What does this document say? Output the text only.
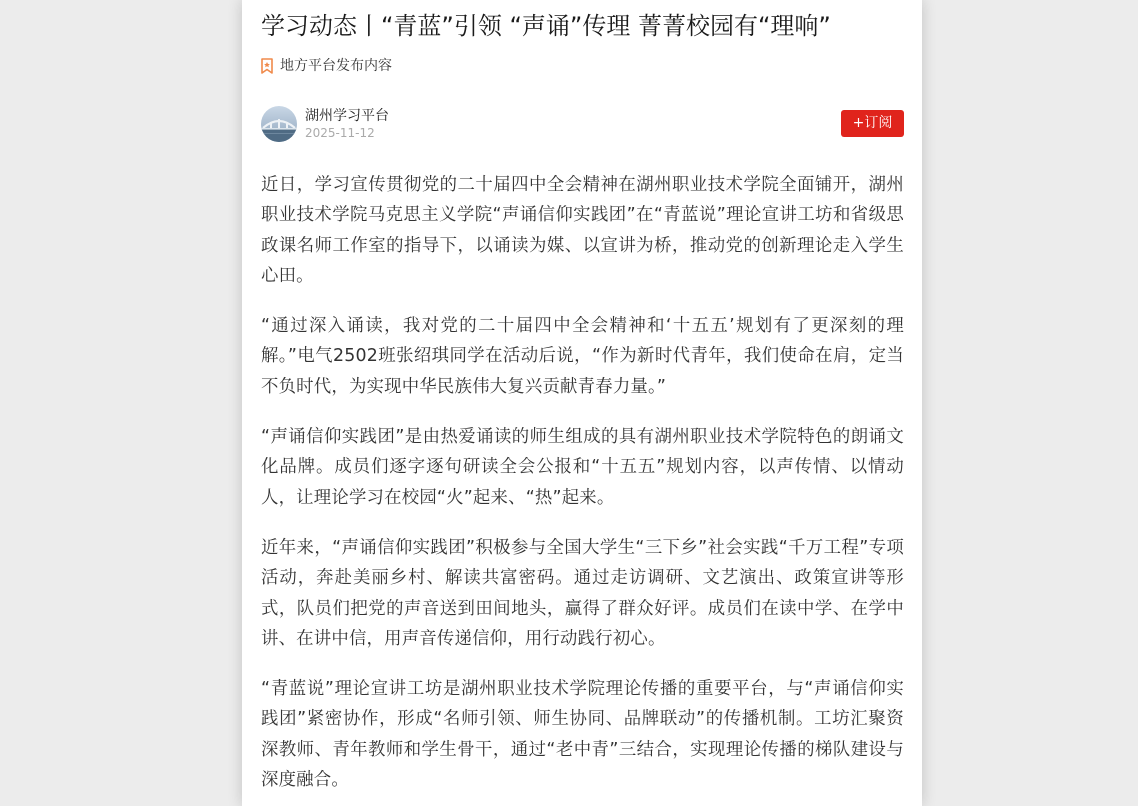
学习动态丨“青蓝”引领 “声诵”传理 菁菁校园有“理响”
地方平台发布内容
湖州学习平台
2025-11-12
+订阅

近日，学习宣传贯彻党的二十届四中全会精神在湖州职业技术学院全面铺开，湖州职业技术学院马克思主义学院“声诵信仰实践团”在“青蓝说”理论宣讲工坊和省级思政课名师工作室的指导下，以诵读为媒、以宣讲为桥，推动党的创新理论走入学生心田。

“通过深入诵读，我对党的二十届四中全会精神和‘十五五’规划有了更深刻的理解。”电气2502班张绍琪同学在活动后说，“作为新时代青年，我们使命在肩，定当不负时代，为实现中华民族伟大复兴贡献青春力量。”

“声诵信仰实践团”是由热爱诵读的师生组成的具有湖州职业技术学院特色的朗诵文化品牌。成员们逐字逐句研读全会公报和“十五五”规划内容，以声传情、以情动人，让理论学习在校园“火”起来、“热”起来。

近年来，“声诵信仰实践团”积极参与全国大学生“三下乡”社会实践“千万工程”专项活动，奔赴美丽乡村、解读共富密码。通过走访调研、文艺演出、政策宣讲等形式，队员们把党的声音送到田间地头，赢得了群众好评。成员们在读中学、在学中讲、在讲中信，用声音传递信仰，用行动践行初心。

“青蓝说”理论宣讲工坊是湖州职业技术学院理论传播的重要平台，与“声诵信仰实践团”紧密协作，形成“名师引领、师生协同、品牌联动”的传播机制。工坊汇聚资深教师、青年教师和学生骨干，通过“老中青”三结合，实现理论传播的梯队建设与深度融合。
